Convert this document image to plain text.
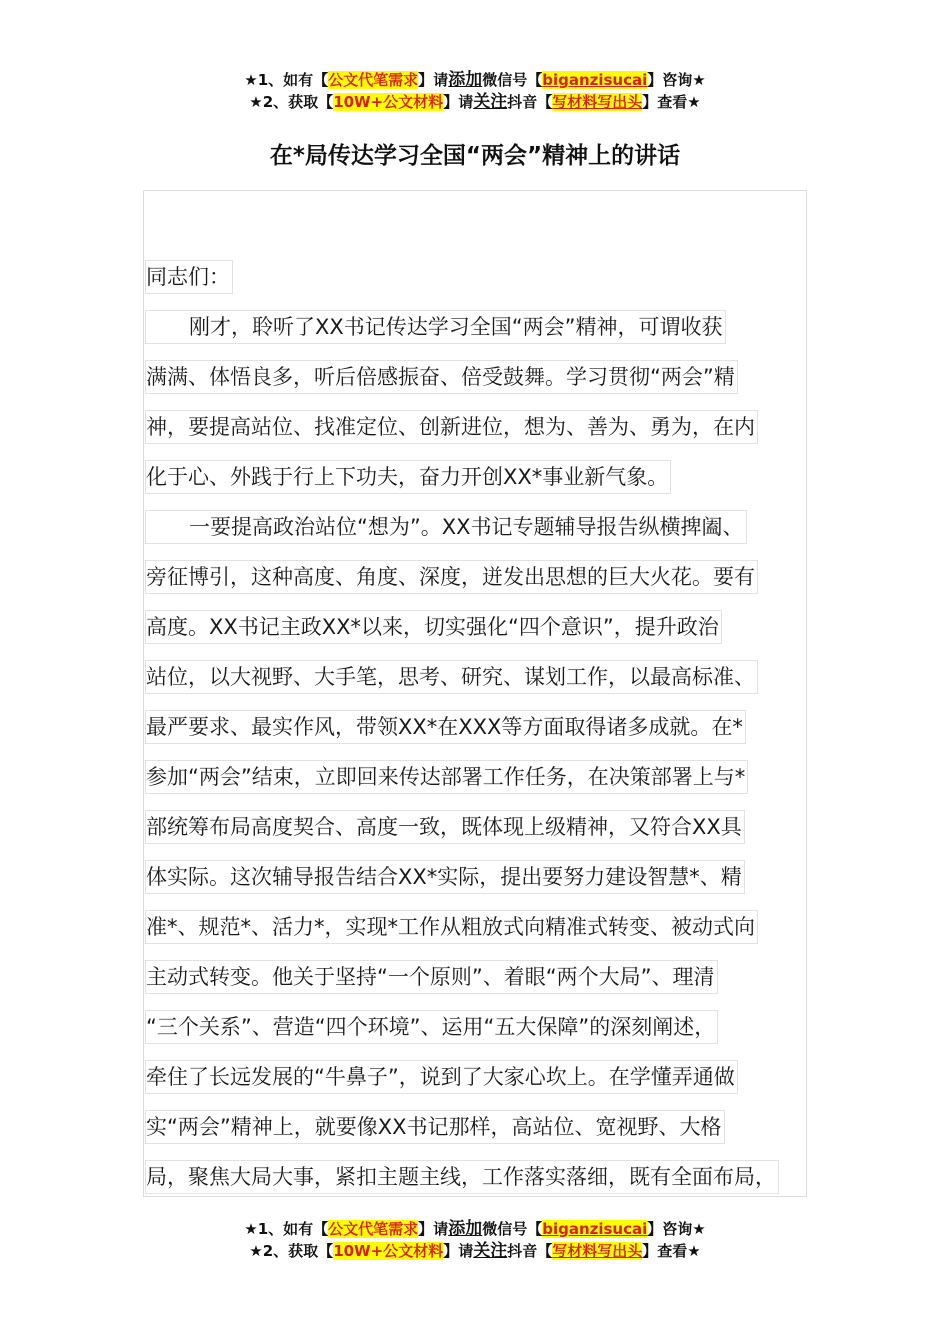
★1、如有【公文代笔需求】请添加微信号【biganzisucai】咨询★
★2、获取【10W+公文材料】请关注抖音【写材料写出头】查看★
在*局传达学习全国“两会”精神上的讲话
同志们：
刚才，聆听了XX书记传达学习全国“两会”精神，可谓收获
满满、体悟良多，听后倍感振奋、倍受鼓舞。学习贯彻“两会”精
神，要提高站位、找准定位、创新进位，想为、善为、勇为，在内
化于心、外践于行上下功夫，奋力开创XX*事业新气象。
一要提高政治站位“想为”。XX书记专题辅导报告纵横捭阖、
旁征博引，这种高度、角度、深度，迸发出思想的巨大火花。要有
高度。XX书记主政XX*以来，切实强化“四个意识”，提升政治
站位，以大视野、大手笔，思考、研究、谋划工作，以最高标准、
最严要求、最实作风，带领XX*在XXX等方面取得诸多成就。在*
参加“两会”结束，立即回来传达部署工作任务，在决策部署上与*
部统筹布局高度契合、高度一致，既体现上级精神，又符合XX具
体实际。这次辅导报告结合XX*实际，提出要努力建设智慧*、精
准*、规范*、活力*，实现*工作从粗放式向精准式转变、被动式向
主动式转变。他关于坚持“一个原则”、着眼“两个大局”、理清
“三个关系”、营造“四个环境”、运用“五大保障”的深刻阐述，
牵住了长远发展的“牛鼻子”，说到了大家心坎上。在学懂弄通做
实“两会”精神上，就要像XX书记那样，高站位、宽视野、大格
局，聚焦大局大事，紧扣主题主线，工作落实落细，既有全面布局，
★1、如有【公文代笔需求】请添加微信号【biganzisucai】咨询★
★2、获取【10W+公文材料】请关注抖音【写材料写出头】查看★
